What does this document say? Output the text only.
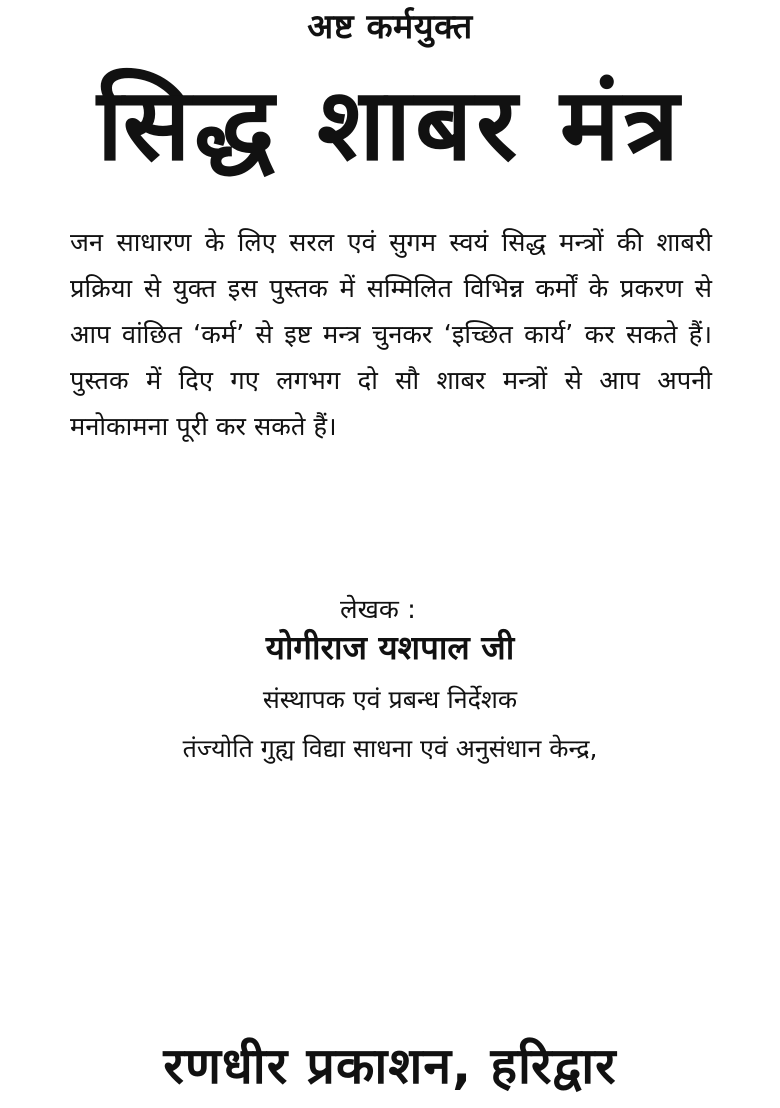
अष्ट कर्मयुक्त
सिद्ध शाबर मंत्र
जन साधारण के लिए सरल एवं सुगम स्वयं सिद्ध मन्त्रों की शाबरी प्रक्रिया से युक्त इस पुस्तक में सम्मिलित विभिन्न कर्मों के प्रकरण से आप वांछित ‘कर्म’ से इष्ट मन्त्र चुनकर ‘इच्छित कार्य’ कर सकते हैं। पुस्तक में दिए गए लगभग दो सौ शाबर मन्त्रों से आप अपनी मनोकामना पूरी कर सकते हैं।
लेखक :
योगीराज यशपाल जी
संस्थापक एवं प्रबन्ध निर्देशक
तंज्योति गुह्य विद्या साधना एवं अनुसंधान केन्द्र,
रणधीर प्रकाशन, हरिद्वार
